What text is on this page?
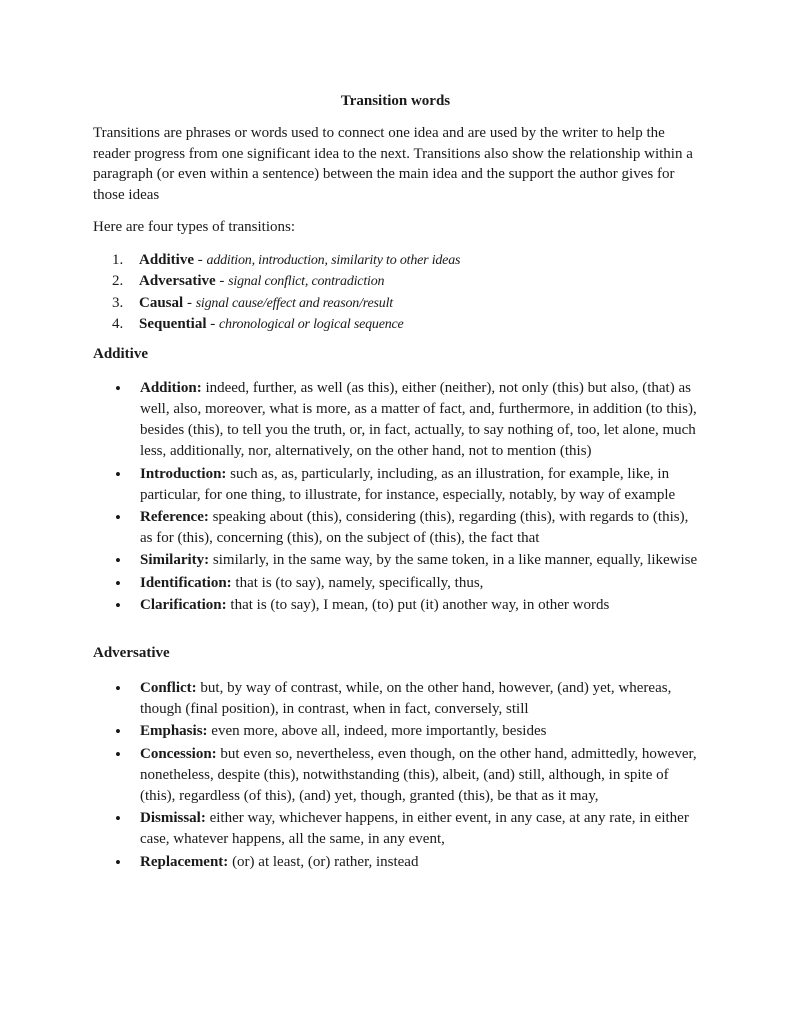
Transition words

Transitions are phrases or words used to connect one idea and are used by the writer to help the reader progress from one significant idea to the next. Transitions also show the relationship within a paragraph (or even within a sentence) between the main idea and the support the author gives for those ideas

Here are four types of transitions:

1. Additive - addition, introduction, similarity to other ideas
2. Adversative - signal conflict, contradiction
3. Causal - signal cause/effect and reason/result
4. Sequential - chronological or logical sequence
Additive
• Addition: indeed, further, as well (as this), either (neither), not only (this) but also, (that) as well, also, moreover, what is more, as a matter of fact, and, furthermore, in addition (to this), besides (this), to tell you the truth, or, in fact, actually, to say nothing of, too, let alone, much less, additionally, nor, alternatively, on the other hand, not to mention (this)
• Introduction: such as, as, particularly, including, as an illustration, for example, like, in particular, for one thing, to illustrate, for instance, especially, notably, by way of example
• Reference: speaking about (this), considering (this), regarding (this), with regards to (this), as for (this), concerning (this), on the subject of (this), the fact that
• Similarity: similarly, in the same way, by the same token, in a like manner, equally, likewise
• Identification: that is (to say), namely, specifically, thus,
• Clarification: that is (to say), I mean, (to) put (it) another way, in other words
Adversative
• Conflict: but, by way of contrast, while, on the other hand, however, (and) yet, whereas, though (final position), in contrast, when in fact, conversely, still
• Emphasis: even more, above all, indeed, more importantly, besides
• Concession: but even so, nevertheless, even though, on the other hand, admittedly, however, nonetheless, despite (this), notwithstanding (this), albeit, (and) still, although, in spite of (this), regardless (of this), (and) yet, though, granted (this), be that as it may,
• Dismissal: either way, whichever happens, in either event, in any case, at any rate, in either case, whatever happens, all the same, in any event,
• Replacement: (or) at least, (or) rather, instead
